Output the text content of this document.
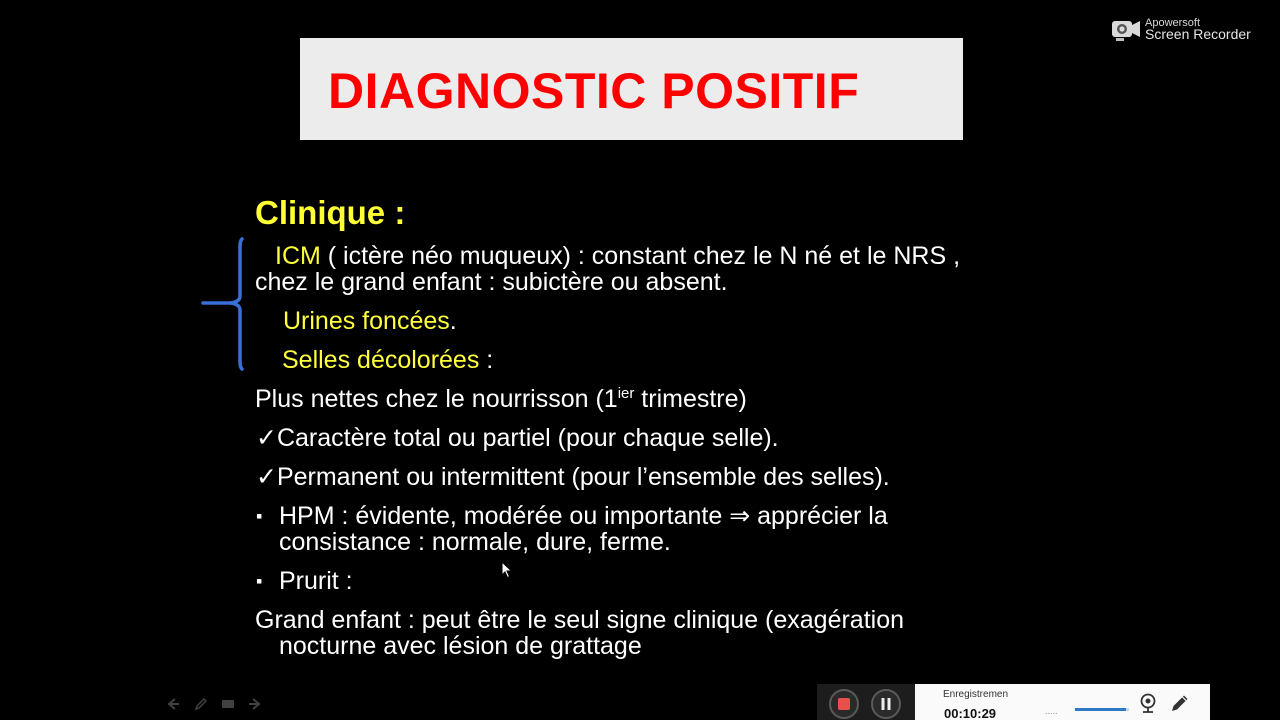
Apowersoft
Screen Recorder
DIAGNOSTIC POSITIF
Clinique :
ICM ( ictère néo muqueux) : constant chez le N né et le NRS ,
chez le grand enfant : subictère ou absent.
Urines foncées.
Selles décolorées :
Plus nettes chez le nourrisson ($1^{ier}$ trimestre)
✓Caractère total ou partiel (pour chaque selle).
✓Permanent ou intermittent (pour l’ensemble des selles).
▪ HPM : évidente, modérée ou importante ⇒ apprécier la
consistance : normale, dure, ferme.
▪ Prurit :
Grand enfant : peut être le seul signe clinique (exagération
nocturne avec lésion de grattage
Enregistremen
00:10:29	.....
